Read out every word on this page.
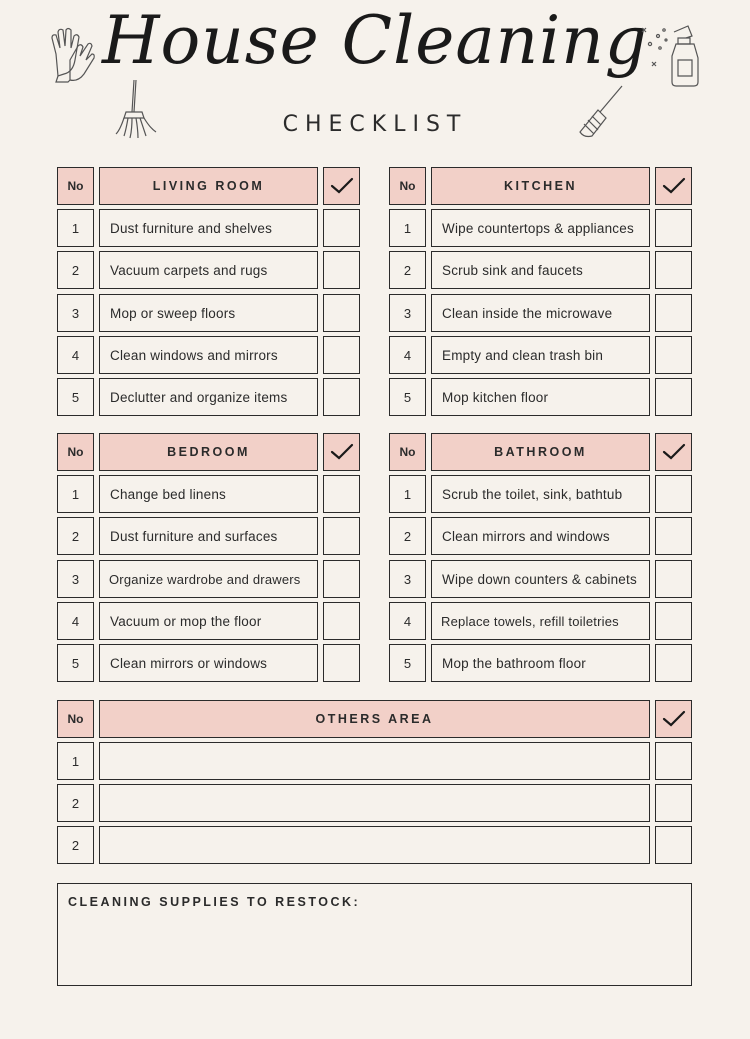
House Cleaning
CHECKLIST
No	LIVING ROOM
1	Dust furniture and shelves
2	Vacuum carpets and rugs
3	Mop or sweep floors
4	Clean windows and mirrors
5	Declutter and organize items
No	KITCHEN
1	Wipe countertops & appliances
2	Scrub sink and faucets
3	Clean inside the microwave
4	Empty and clean trash bin
5	Mop kitchen floor
No	BEDROOM
1	Change bed linens
2	Dust furniture and surfaces
3	Organize wardrobe and drawers
4	Vacuum or mop the floor
5	Clean mirrors or windows
No	BATHROOM
1	Scrub the toilet, sink, bathtub
2	Clean mirrors and windows
3	Wipe down counters & cabinets
4	Replace towels, refill toiletries
5	Mop the bathroom floor
No	OTHERS AREA
1
2
2
CLEANING SUPPLIES TO RESTOCK:
